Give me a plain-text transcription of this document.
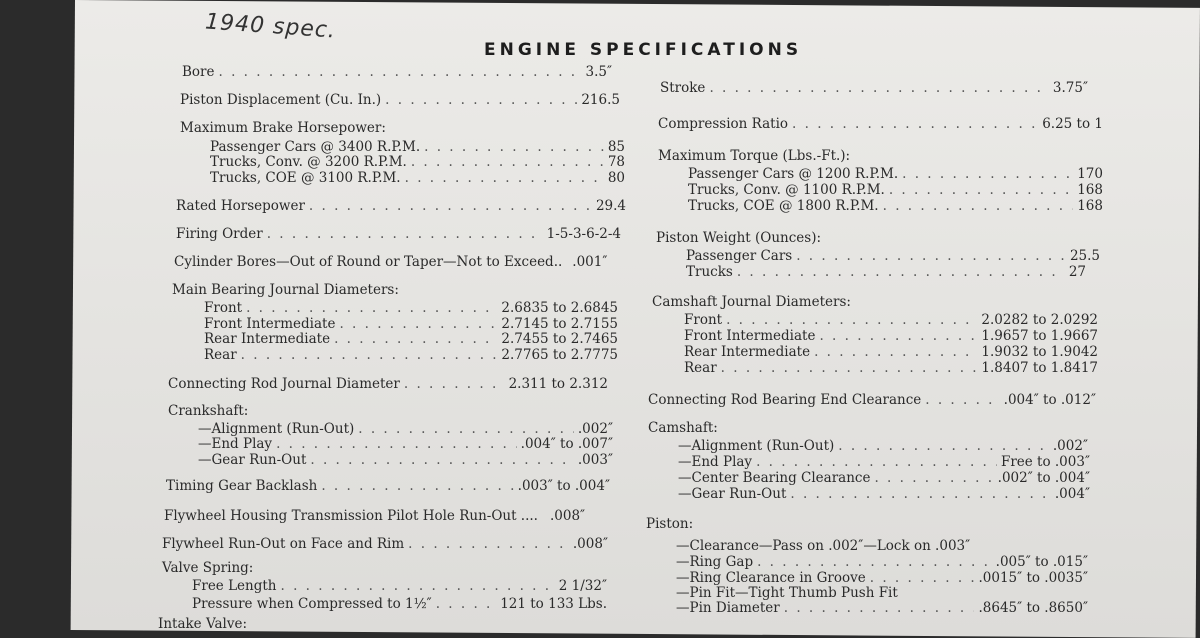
1940 spec.
ENGINE SPECIFICATIONS
Bore . . .	3.5″
Piston Displacement (Cu. In.) . . .	216.5
Maximum Brake Horsepower:
Passenger Cars @ 3400 R.P.M. . . .	85
Trucks, Conv. @ 3200 R.P.M. . . .	78
Trucks, COE @ 3100 R.P.M. . . .	80
Rated Horsepower . . .	29.4
Firing Order . . .	1-5-3-6-2-4
Cylinder Bores—Out of Round or Taper—Not to Exceed.. .001″
Main Bearing Journal Diameters:
Front . . .	2.6835 to 2.6845
Front Intermediate . . .	2.7145 to 2.7155
Rear Intermediate . . .	2.7455 to 2.7465
Rear . . .	2.7765 to 2.7775
Connecting Rod Journal Diameter . . .	2.311 to 2.312
Crankshaft:
—Alignment (Run-Out) . . .	.002″
—End Play . . .	.004″ to .007″
—Gear Run-Out . . .	.003″
Timing Gear Backlash . . .	.003″ to .004″
Flywheel Housing Transmission Pilot Hole Run-Out .... .008″
Flywheel Run-Out on Face and Rim . . .	.008″
Valve Spring:
Free Length . . .	2 1/32″
Pressure when Compressed to 1½″ . . .	121 to 133 Lbs.
Intake Valve:
Stroke . . .	3.75″
Compression Ratio . . .	6.25 to 1
Maximum Torque (Lbs.-Ft.):
Passenger Cars @ 1200 R.P.M. . . .	170
Trucks, Conv. @ 1100 R.P.M. . . .	168
Trucks, COE @ 1800 R.P.M. . . .	168
Piston Weight (Ounces):
Passenger Cars . . .	25.5
Trucks . . .	27
Camshaft Journal Diameters:
Front . . .	2.0282 to 2.0292
Front Intermediate . . .	1.9657 to 1.9667
Rear Intermediate . . .	1.9032 to 1.9042
Rear . . .	1.8407 to 1.8417
Connecting Rod Bearing End Clearance . . .	.004″ to .012″
Camshaft:
—Alignment (Run-Out) . . .	.002″
—End Play . . .	Free to .003″
—Center Bearing Clearance . . .	.002″ to .004″
—Gear Run-Out . . .	.004″
Piston:
—Clearance—Pass on .002″—Lock on .003″
—Ring Gap . . .	.005″ to .015″
—Ring Clearance in Groove . . .	.0015″ to .0035″
—Pin Fit—Tight Thumb Push Fit
—Pin Diameter . . .	.8645″ to .8650″
